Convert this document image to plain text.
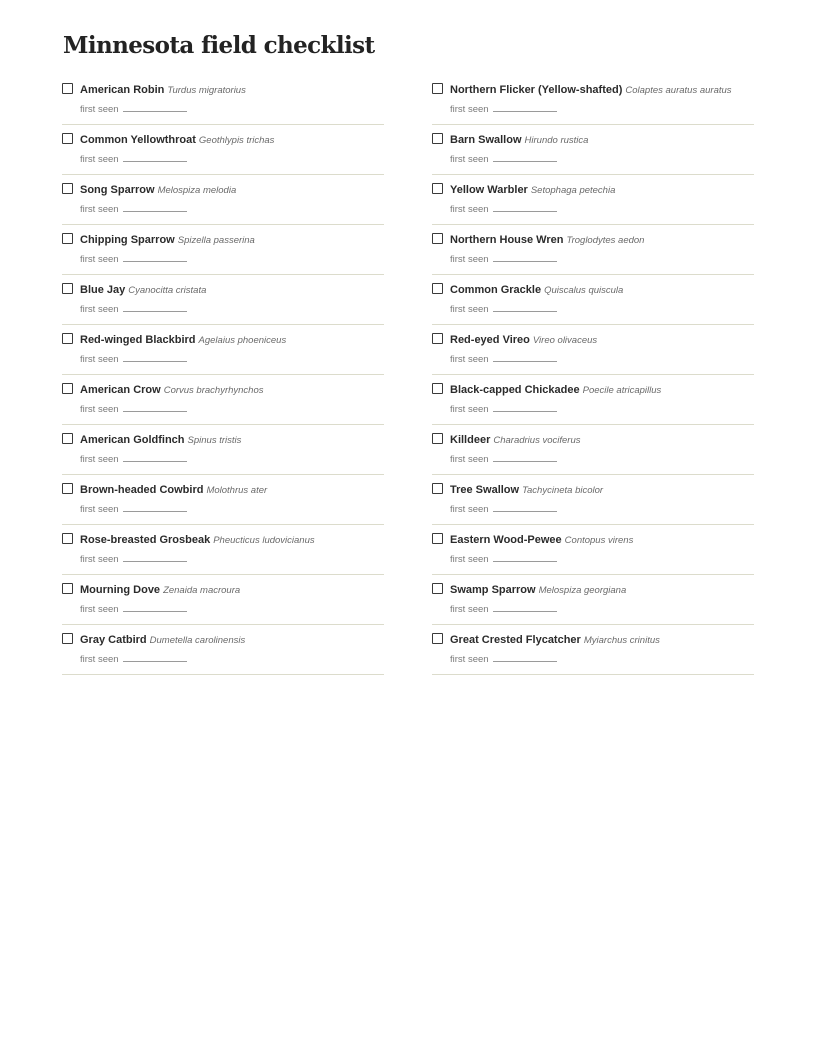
Minnesota field checklist
American Robin Turdus migratorius
first seen
Common Yellowthroat Geothlypis trichas
first seen
Song Sparrow Melospiza melodia
first seen
Chipping Sparrow Spizella passerina
first seen
Blue Jay Cyanocitta cristata
first seen
Red-winged Blackbird Agelaius phoeniceus
first seen
American Crow Corvus brachyrhynchos
first seen
American Goldfinch Spinus tristis
first seen
Brown-headed Cowbird Molothrus ater
first seen
Rose-breasted Grosbeak Pheucticus ludovicianus
first seen
Mourning Dove Zenaida macroura
first seen
Gray Catbird Dumetella carolinensis
first seen
Northern Flicker (Yellow-shafted) Colaptes auratus auratus
first seen
Barn Swallow Hirundo rustica
first seen
Yellow Warbler Setophaga petechia
first seen
Northern House Wren Troglodytes aedon
first seen
Common Grackle Quiscalus quiscula
first seen
Red-eyed Vireo Vireo olivaceus
first seen
Black-capped Chickadee Poecile atricapillus
first seen
Killdeer Charadrius vociferus
first seen
Tree Swallow Tachycineta bicolor
first seen
Eastern Wood-Pewee Contopus virens
first seen
Swamp Sparrow Melospiza georgiana
first seen
Great Crested Flycatcher Myiarchus crinitus
first seen
